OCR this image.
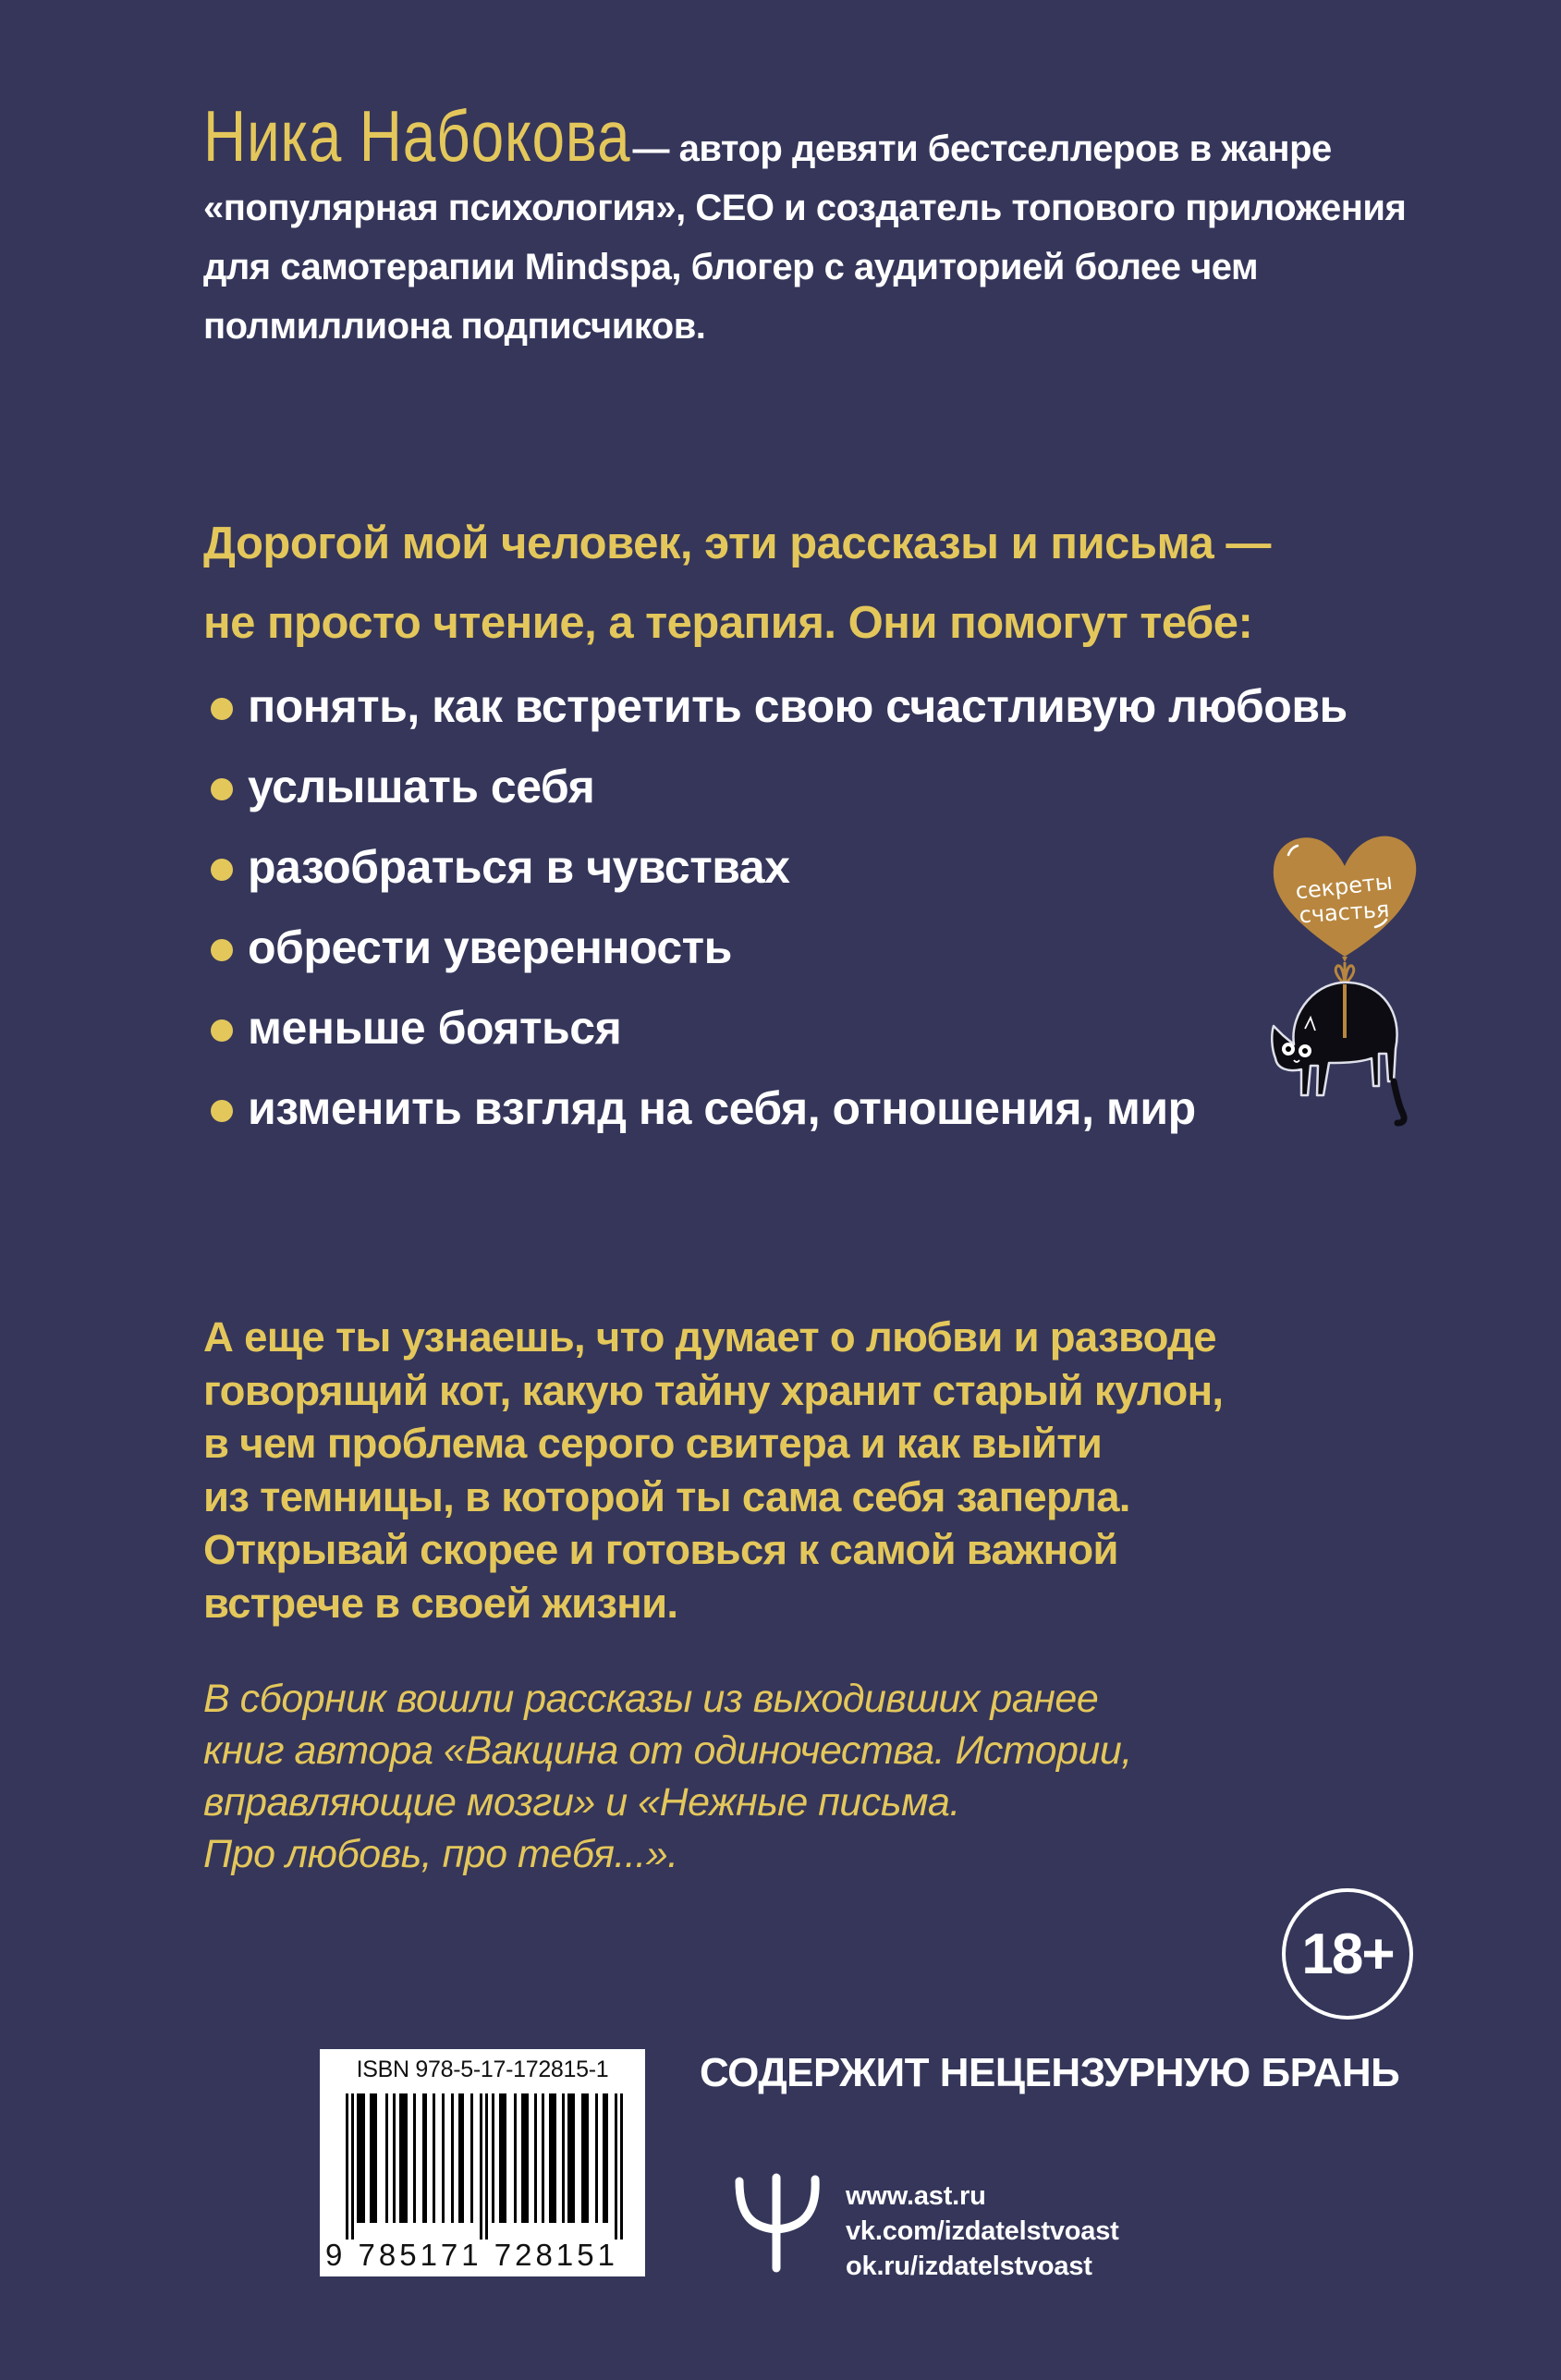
Ника Набокова — автор девяти бестселлеров в жанре «популярная психология», CEO и создатель топового приложения для самотерапии Mindspa, блогер с аудиторией более чем полмиллиона подписчиков.
Дорогой мой человек, эти рассказы и письма —
не просто чтение, а терапия. Они помогут тебе:
понять, как встретить свою счастливую любовь
услышать себя
разобраться в чувствах
обрести уверенность
меньше бояться
изменить взгляд на себя, отношения, мир
секреты
счастья
А еще ты узнаешь, что думает о любви и разводе
говорящий кот, какую тайну хранит старый кулон,
в чем проблема серого свитера и как выйти
из темницы, в которой ты сама себя заперла.
Открывай скорее и готовься к самой важной
встрече в своей жизни.
В сборник вошли рассказы из выходивших ранее
книг автора «Вакцина от одиночества. Истории,
вправляющие мозги» и «Нежные письма.
Про любовь, про тебя...».
18+
СОДЕРЖИТ НЕЦЕНЗУРНУЮ БРАНЬ
ISBN 978-5-17-172815-1
9 785171 728151
www.ast.ru
vk.com/izdatelstvoast
ok.ru/izdatelstvoast
